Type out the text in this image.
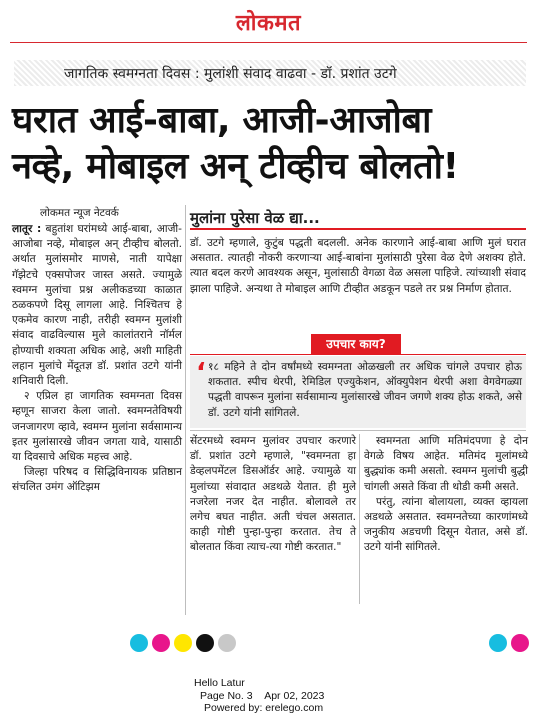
लोकमत
जागतिक स्वमग्नता दिवस : मुलांशी संवाद वाढवा - डॉ. प्रशांत उटगे
घरात आई-बाबा, आजी-आजोबा
नव्हे, मोबाइल अन् टीव्हीच बोलतो!
लोकमत न्यूज नेटवर्क

लातूर : बहुतांश घरांमध्ये आई-बाबा, आजी-आजोबा नव्हे, मोबाइल अन् टीव्हीच बोलतो. अर्थात मुलांसमोर माणसे, नाती यापेक्षा गॅझेटचे एक्सपोजर जास्त असते. ज्यामुळे स्वमग्न मुलांचा प्रश्न अलीकडच्या काळात ठळकपणे दिसू लागला आहे. निश्चितच हे एकमेव कारण नाही, तरीही स्वमग्न मुलांशी संवाद वाढविल्यास मुले कालांतराने नॉर्मल होण्याची शक्यता अधिक आहे, अशी माहिती लहान मुलांचे मेंदूतज्ञ डॉ. प्रशांत उटगे यांनी शनिवारी दिली.

२ एप्रिल हा जागतिक स्वमग्नता दिवस म्हणून साजरा केला जातो. स्वमग्नतेविषयी जनजागरण व्हावे, स्वमग्न मुलांना सर्वसामान्य इतर मुलांसारखे जीवन जगता यावे, यासाठी या दिवसाचे अधिक महत्त्व आहे.

जिल्हा परिषद व सिद्धिविनायक प्रतिष्ठान संचलित उमंग ऑटिझम

मुलांना पुरेसा वेळ द्या...

डॉ. उटगे म्हणाले, कुटुंब पद्धती बदलली. अनेक कारणाने आई-बाबा आणि मुलं घरात असतात. त्यातही नोकरी करणाऱ्या आई-बाबांना मुलांसाठी पुरेसा वेळ देणे अशक्य होते. त्यात बदल करणे आवश्यक असून, मुलांसाठी वेगळा वेळ असला पाहिजे. त्यांच्याशी संवाद झाला पाहिजे. अन्यथा ते मोबाइल आणि टीव्हीत अडकून पडले तर प्रश्न निर्माण होतात.

उपचार काय?
‘ १८ महिने ते दोन वर्षांमध्ये स्वमग्नता ओळखली तर अधिक चांगले उपचार होऊ शकतात. स्पीच थेरपी, रेमिडिल एज्युकेशन, ऑक्युपेशन थेरपी अशा वेगवेगळ्या पद्धती वापरून मुलांना सर्वसामान्य मुलांसारखे जीवन जगणे शक्य होऊ शकते, असे डॉ. उटगे यांनी सांगितले.

सेंटरमध्ये स्वमग्न मुलांवर उपचार करणारे डॉ. प्रशांत उटगे म्हणाले, "स्वमग्नता हा डेव्हलपमेंटल डिसऑर्डर आहे. ज्यामुळे या मुलांच्या संवादात अडथळे येतात. ही मुले नजरेला नजर देत नाहीत. बोलावले तर लगेच बघत नाहीत. अती चंचल असतात. काही गोष्टी पुन्हा-पुन्हा करतात. तेच ते बोलतात किंवा त्याच-त्या गोष्टी करतात."

स्वमग्नता आणि मतिमंदपणा हे दोन वेगळे विषय आहेत. मतिमंद मुलांमध्ये बुद्ध्यांक कमी असतो. स्वमग्न मुलांची बुद्धी चांगली असते किंवा ती थोडी कमी असते.

परंतु, त्यांना बोलायला, व्यक्त व्हायला अडथळे असतात. स्वमग्नतेच्या कारणांमध्ये जनुकीय अडचणी दिसून येतात, असे डॉ. उटगे यांनी सांगितले.

Hello Latur
Page No. 3 Apr 02, 2023
Powered by: erelego.com
